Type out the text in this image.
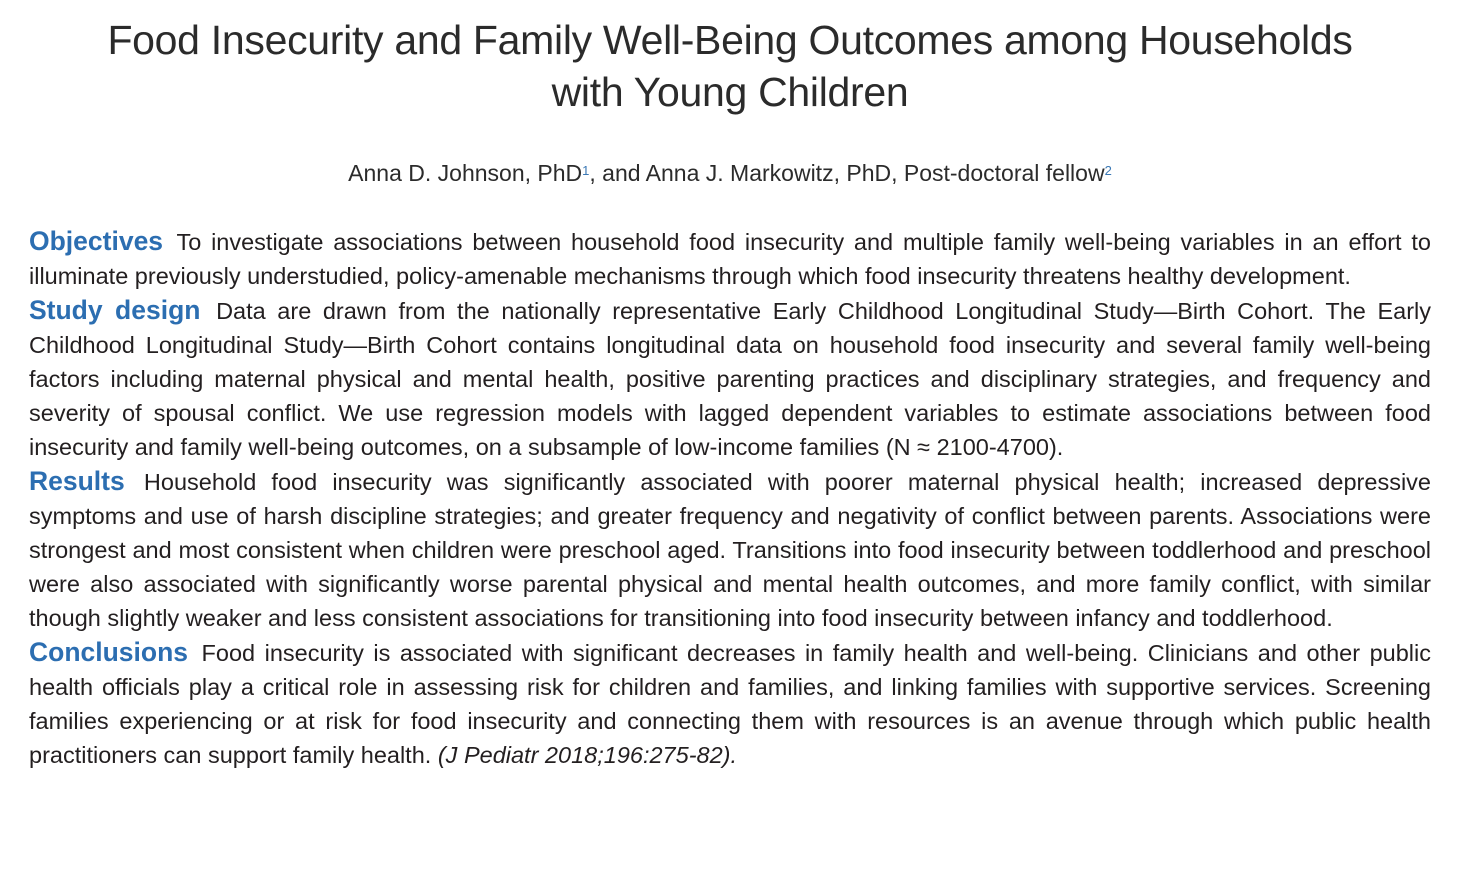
Food Insecurity and Family Well-Being Outcomes among Households
with Young Children
Anna D. Johnson, PhD$^1$, and Anna J. Markowitz, PhD, Post-doctoral fellow$^2$

Objectives To investigate associations between household food insecurity and multiple family well-being variables in an effort to illuminate previously understudied, policy-amenable mechanisms through which food insecurity threatens healthy development.

Study design Data are drawn from the nationally representative Early Childhood Longitudinal Study—Birth Cohort. The Early Childhood Longitudinal Study—Birth Cohort contains longitudinal data on household food insecurity and several family well-being factors including maternal physical and mental health, positive parenting practices and disciplinary strategies, and frequency and severity of spousal conflict. We use regression models with lagged dependent variables to estimate associations between food insecurity and family well-being outcomes, on a subsample of low-income families (N ≈ 2100-4700).

Results Household food insecurity was significantly associated with poorer maternal physical health; increased depressive symptoms and use of harsh discipline strategies; and greater frequency and negativity of conflict between parents. Associations were strongest and most consistent when children were preschool aged. Transitions into food insecurity between toddlerhood and preschool were also associated with significantly worse parental physical and mental health outcomes, and more family conflict, with similar though slightly weaker and less consistent associations for transitioning into food insecurity between infancy and toddlerhood.

Conclusions Food insecurity is associated with significant decreases in family health and well-being. Clinicians and other public health officials play a critical role in assessing risk for children and families, and linking families with supportive services. Screening families experiencing or at risk for food insecurity and connecting them with resources is an avenue through which public health practitioners can support family health. (J Pediatr 2018;196:275-82).
